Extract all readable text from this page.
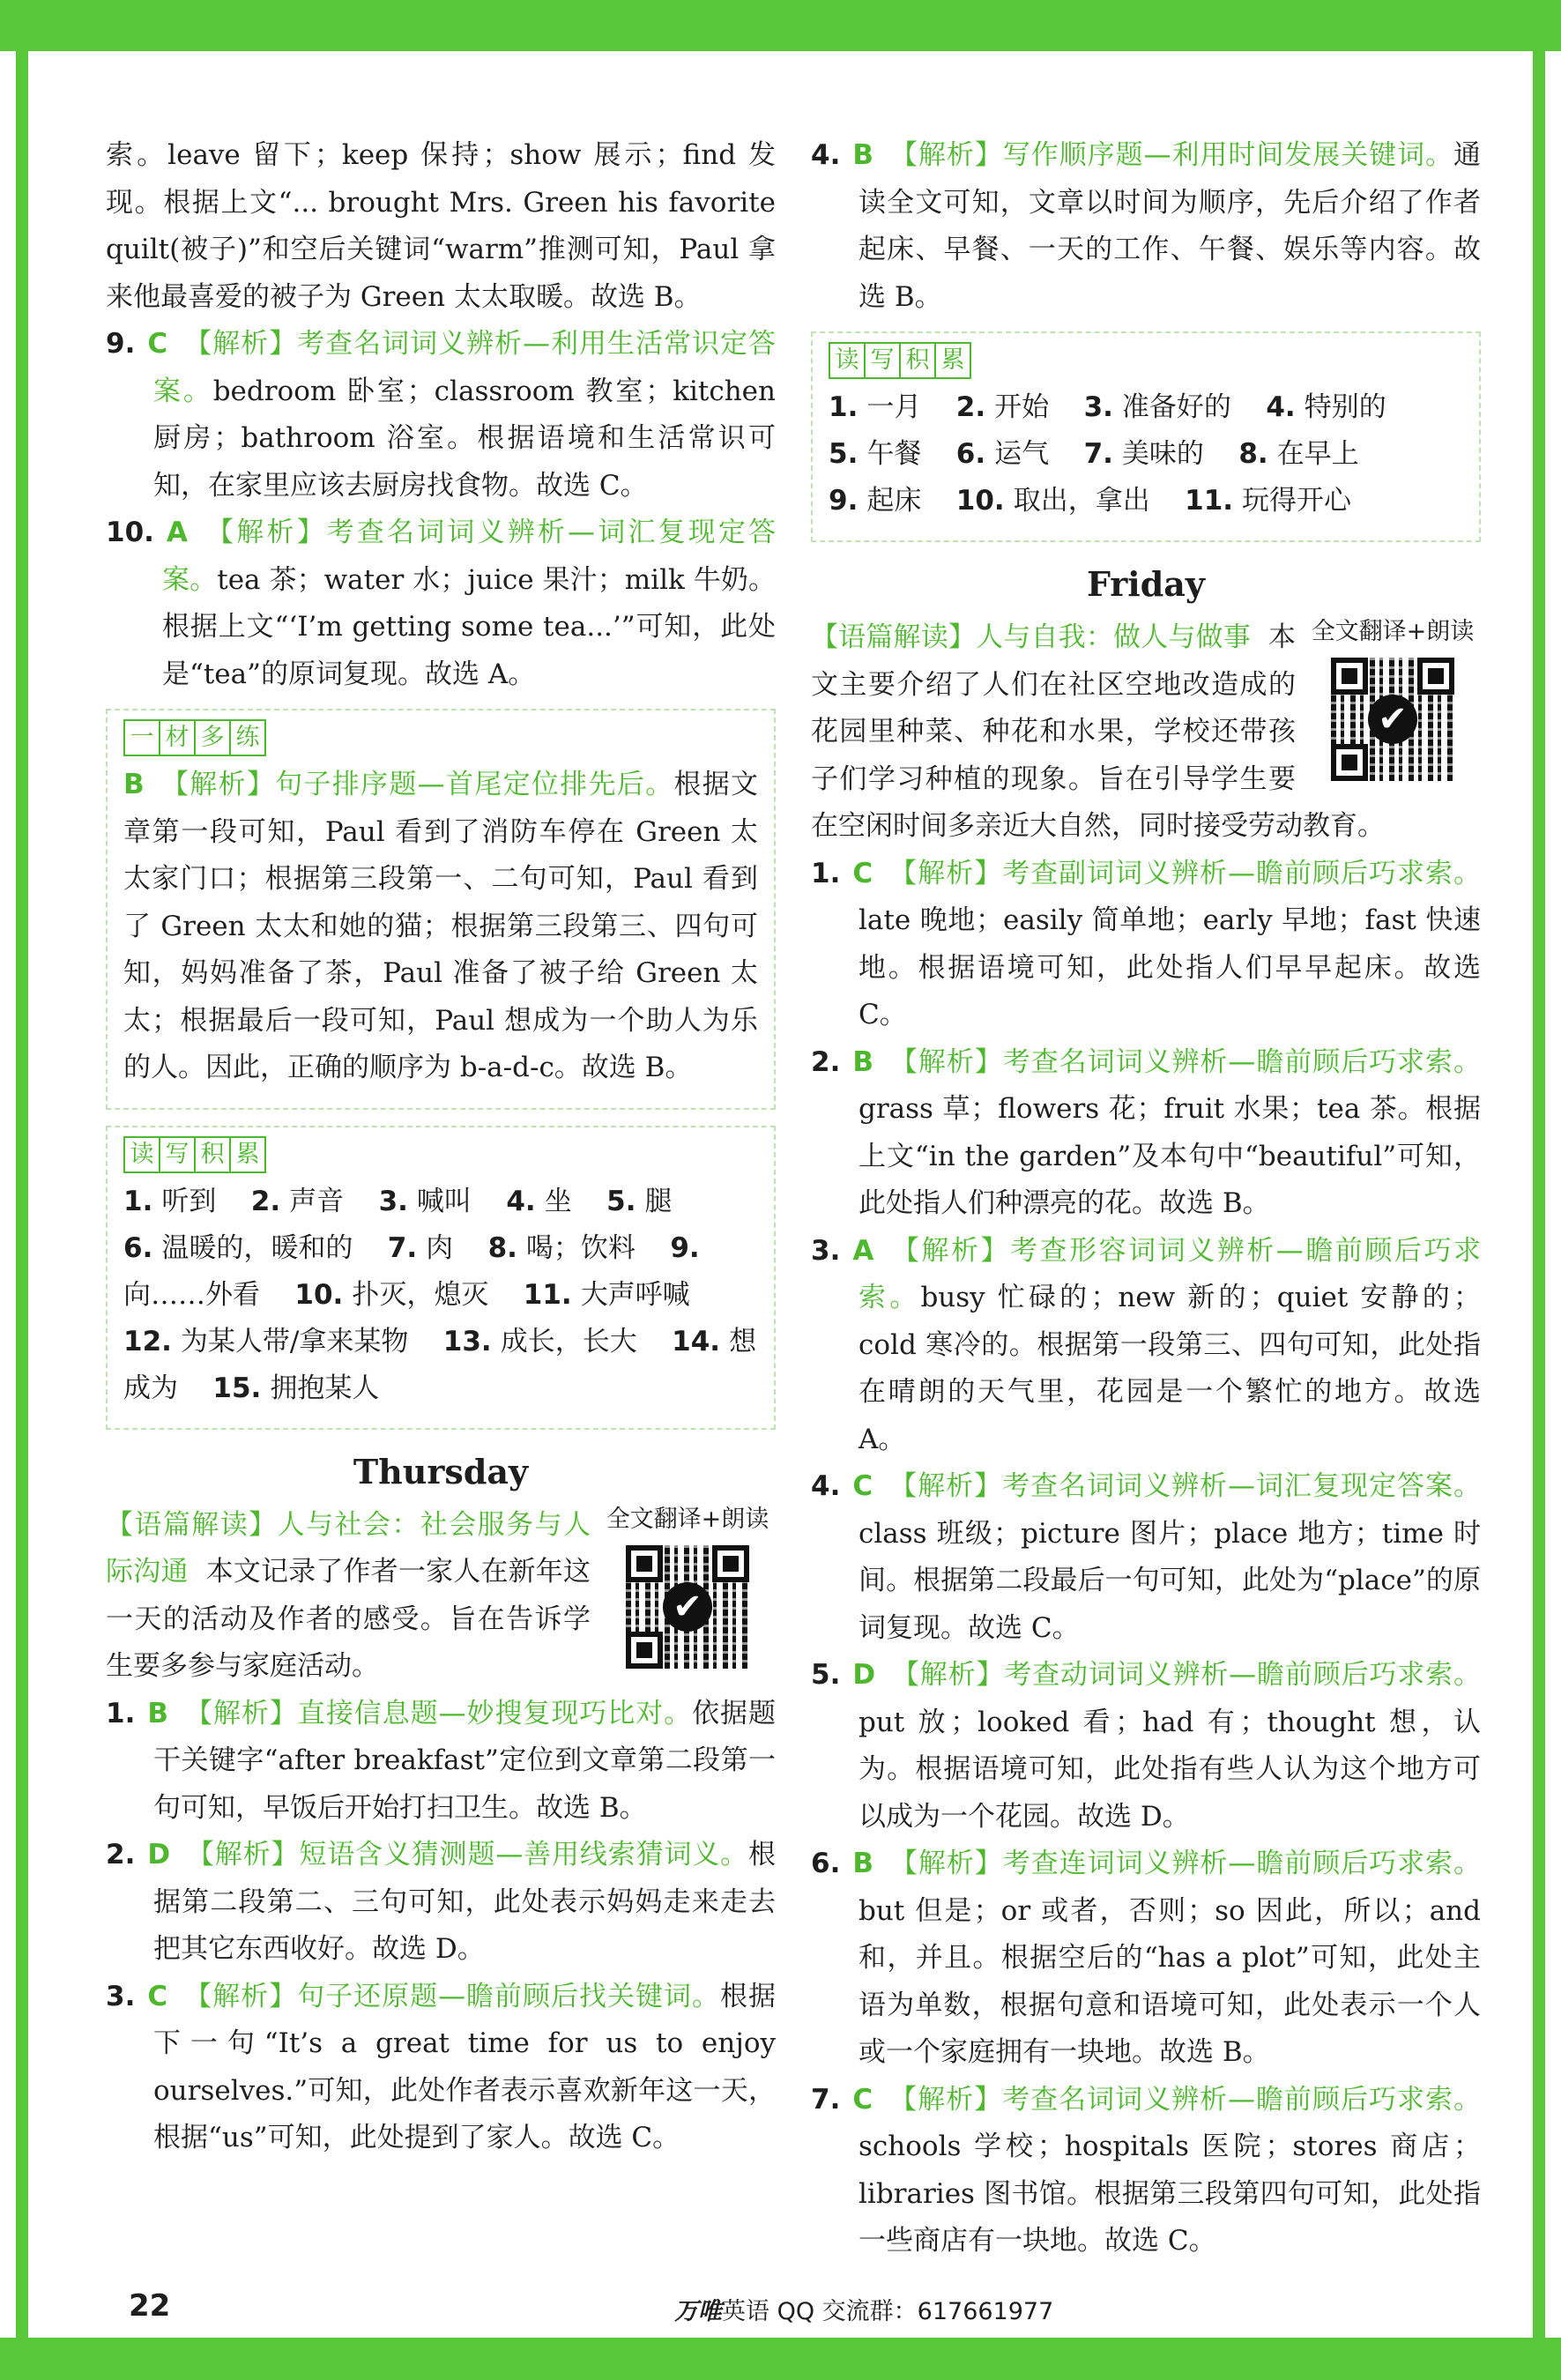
索。leave 留下；keep 保持；show 展示；find 发现。根据上文“... brought Mrs. Green his favorite quilt(被子)”和空后关键词“warm”推测可知，Paul 拿来他最喜爱的被子为 Green 太太取暖。故选 B。

9. C 【解析】考查名词词义辨析—利用生活常识定答案。bedroom 卧室；classroom 教室；kitchen 厨房；bathroom 浴室。根据语境和生活常识可知，在家里应该去厨房找食物。故选 C。

10. A 【解析】考查名词词义辨析—词汇复现定答案。tea 茶；water 水；juice 果汁；milk 牛奶。根据上文“‘I’m getting some tea...’”可知，此处是“tea”的原词复现。故选 A。

一 材 多 练

B 【解析】句子排序题—首尾定位排先后。根据文章第一段可知，Paul 看到了消防车停在 Green 太太家门口；根据第三段第一、二句可知，Paul 看到了 Green 太太和她的猫；根据第三段第三、四句可知，妈妈准备了茶，Paul 准备了被子给 Green 太太；根据最后一段可知，Paul 想成为一个助人为乐的人。因此，正确的顺序为 b-a-d-c。故选 B。

读 写 积 累

1. 听到 2. 声音 3. 喊叫 4. 坐 5. 腿
6. 温暖的，暖和的 7. 肉 8. 喝；饮料 9.向……外看 10. 扑灭，熄灭 11. 大声呼喊    12. 为某人带/拿来某物 13. 成长，长大 14. 想成为 15. 拥抱某人

Thursday
全文翻译+朗读
✔

【语篇解读】人与社会：社会服务与人际沟通 本文记录了作者一家人在新年这一天的活动及作者的感受。旨在告诉学生要多参与家庭活动。

1. B 【解析】直接信息题—妙搜复现巧比对。依据题干关键字“after breakfast”定位到文章第二段第一句可知，早饭后开始打扫卫生。故选 B。

2. D 【解析】短语含义猜测题—善用线索猜词义。根据第二段第二、三句可知，此处表示妈妈走来走去把其它东西收好。故选 D。

3. C 【解析】句子还原题—瞻前顾后找关键词。根据下一句“It’s a great time for us to enjoy ourselves.”可知，此处作者表示喜欢新年这一天，根据“us”可知，此处提到了家人。故选 C。

4. B 【解析】写作顺序题—利用时间发展关键词。通读全文可知，文章以时间为顺序，先后介绍了作者起床、早餐、一天的工作、午餐、娱乐等内容。故选 B。

读 写 积 累

1. 一月 2. 开始 3. 准备好的 4. 特别的
5. 午餐 6. 运气 7. 美味的 8. 在早上
9. 起床 10. 取出，拿出 11. 玩得开心

Friday
全文翻译+朗读
✔

【语篇解读】人与自我：做人与做事 本文主要介绍了人们在社区空地改造成的花园里种菜、种花和水果，学校还带孩子们学习种植的现象。旨在引导学生要在空闲时间多亲近大自然，同时接受劳动教育。

1. C 【解析】考查副词词义辨析—瞻前顾后巧求索。late 晚地；easily 简单地；early 早地；fast 快速地。根据语境可知，此处指人们早早起床。故选 C。

2. B 【解析】考查名词词义辨析—瞻前顾后巧求索。grass 草；flowers 花；fruit 水果；tea 茶。根据上文“in the garden”及本句中“beautiful”可知，此处指人们种漂亮的花。故选 B。

3. A 【解析】考查形容词词义辨析—瞻前顾后巧求索。busy 忙碌的；new 新的；quiet 安静的；cold 寒冷的。根据第一段第三、四句可知，此处指在晴朗的天气里，花园是一个繁忙的地方。故选 A。

4. C 【解析】考查名词词义辨析—词汇复现定答案。class 班级；picture 图片；place 地方；time 时间。根据第二段最后一句可知，此处为“place”的原词复现。故选 C。

5. D 【解析】考查动词词义辨析—瞻前顾后巧求索。put 放；looked 看；had 有；thought 想，认为。根据语境可知，此处指有些人认为这个地方可以成为一个花园。故选 D。

6. B 【解析】考查连词词义辨析—瞻前顾后巧求索。but 但是；or 或者，否则；so 因此，所以；and 和，并且。根据空后的“has a plot”可知，此处主语为单数，根据句意和语境可知，此处表示一个人或一个家庭拥有一块地。故选 B。

7. C 【解析】考查名词词义辨析—瞻前顾后巧求索。schools 学校；hospitals 医院；stores 商店；libraries 图书馆。根据第三段第四句可知，此处指一些商店有一块地。故选 C。

22	万唯英语 QQ 交流群：617661977
